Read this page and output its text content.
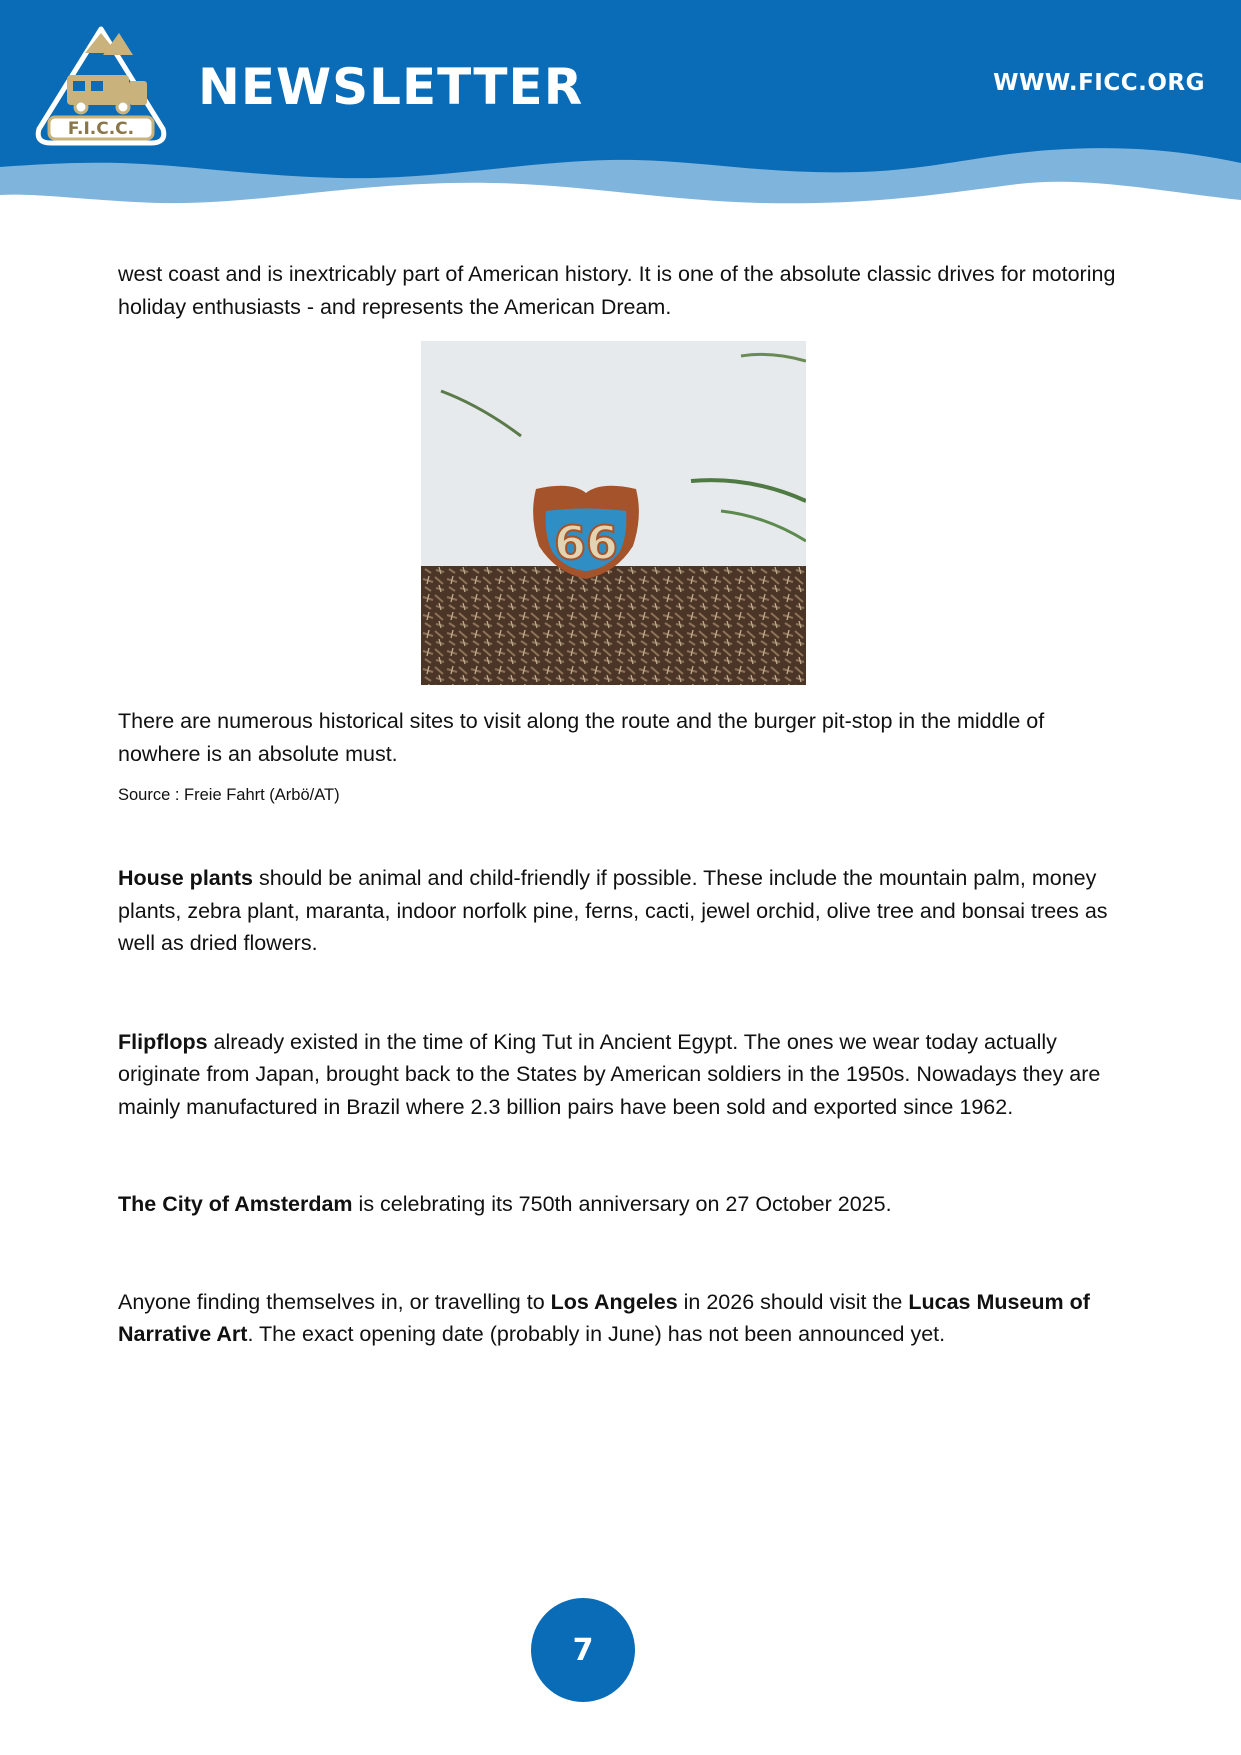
F.I.C.C.
NEWSLETTER	WWW.FICC.ORG

west coast and is inextricably part of American history. It is one of the absolute classic drives for motoring holiday enthusiasts - and represents the American Dream.

66

There are numerous historical sites to visit along the route and the burger pit-stop in the middle of nowhere is an absolute must.

Source : Freie Fahrt (Arbö/AT)

House plants should be animal and child-friendly if possible. These include the mountain palm, money plants, zebra plant, maranta, indoor norfolk pine, ferns, cacti, jewel orchid, olive tree and bonsai trees as well as dried flowers.

Flipflops already existed in the time of King Tut in Ancient Egypt. The ones we wear today actually originate from Japan, brought back to the States by American soldiers in the 1950s. Nowadays they are mainly manufactured in Brazil where 2.3 billion pairs have been sold and exported since 1962.

The City of Amsterdam is celebrating its 750th anniversary on 27 October 2025.

Anyone finding themselves in, or travelling to Los Angeles in 2026 should visit the Lucas Museum of Narrative Art. The exact opening date (probably in June) has not been announced yet.

7
